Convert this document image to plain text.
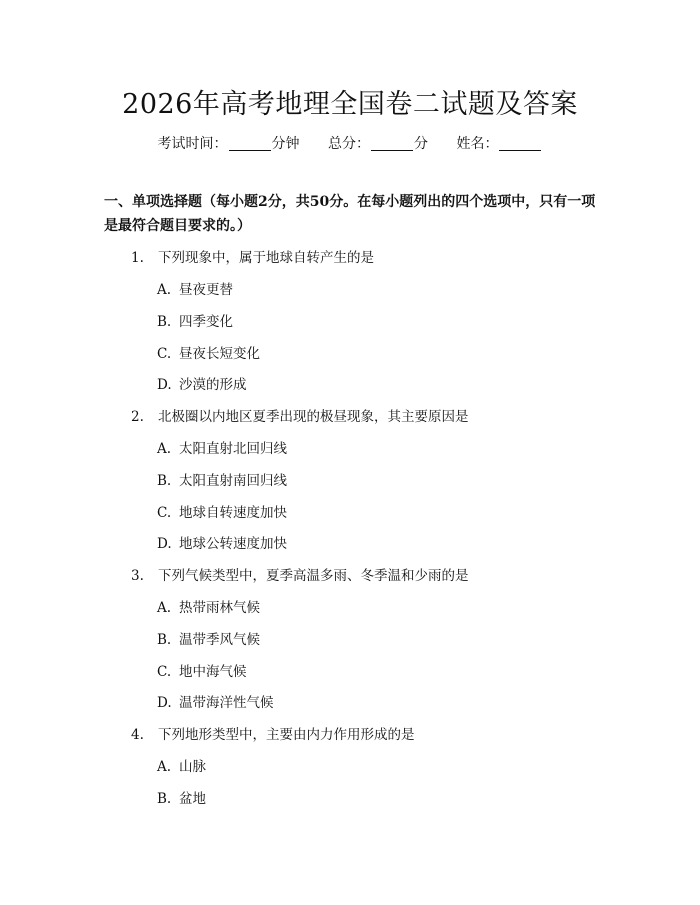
2026年高考地理全国卷二试题及答案
考试时间：	分钟 总分：	分 姓名：
一、单项选择题（每小题2分，共50分。在每小题列出的四个选项中，只有一项是最符合题目要求的。）
1. 下列现象中，属于地球自转产生的是
A. 昼夜更替
B. 四季变化
C. 昼夜长短变化
D. 沙漠的形成
2. 北极圈以内地区夏季出现的极昼现象，其主要原因是
A. 太阳直射北回归线
B. 太阳直射南回归线
C. 地球自转速度加快
D. 地球公转速度加快
3. 下列气候类型中，夏季高温多雨、冬季温和少雨的是
A. 热带雨林气候
B. 温带季风气候
C. 地中海气候
D. 温带海洋性气候
4. 下列地形类型中，主要由内力作用形成的是
A. 山脉
B. 盆地
